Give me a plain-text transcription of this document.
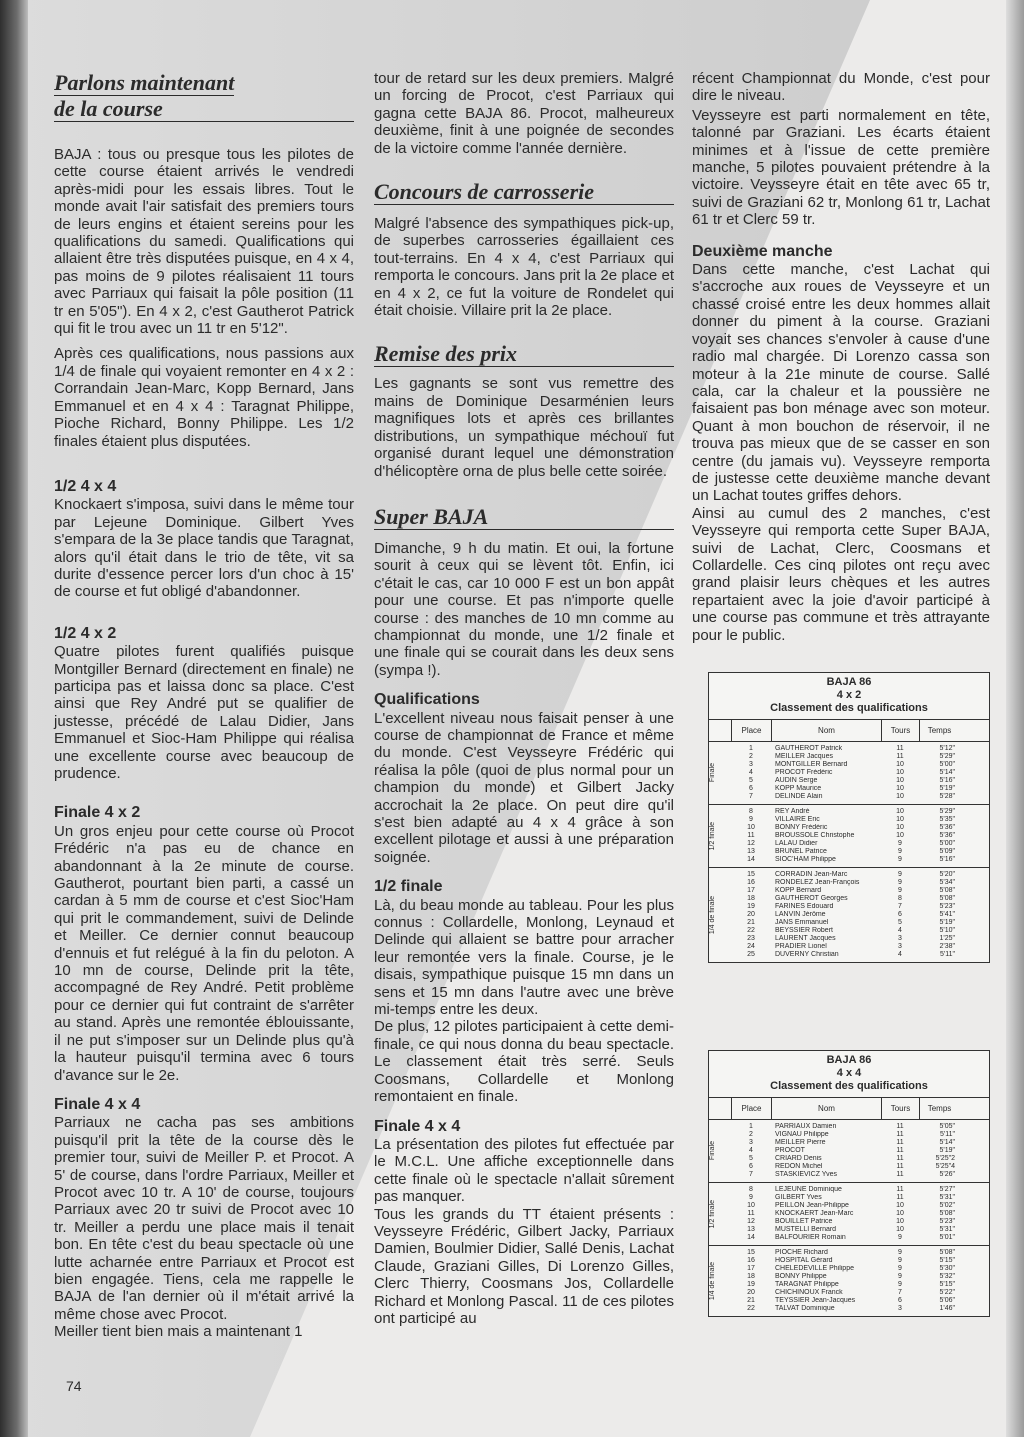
Parlons maintenant
de la course

BAJA : tous ou presque tous les pilotes de cette course étaient arrivés le vendredi après-midi pour les essais libres. Tout le monde avait l'air satisfait des premiers tours de leurs engins et étaient sereins pour les qualifications du samedi. Qualifications qui allaient être très disputées puisque, en 4 x 4, pas moins de 9 pilotes réalisaient 11 tours avec Parriaux qui faisait la pôle position (11 tr en 5'05"). En 4 x 2, c'est Gautherot Patrick qui fit le trou avec un 11 tr en 5'12".

Après ces qualifications, nous passions aux 1/4 de finale qui voyaient remonter en 4 x 2 : Corrandain Jean-Marc, Kopp Bernard, Jans Emmanuel et en 4 x 4 : Taragnat Philippe, Pioche Richard, Bonny Philippe. Les 1/2 finales étaient plus disputées.

1/2 4 x 4

Knockaert s'imposa, suivi dans le même tour par Lejeune Dominique. Gilbert Yves s'empara de la 3e place tandis que Taragnat, alors qu'il était dans le trio de tête, vit sa durite d'essence percer lors d'un choc à 15' de course et fut obligé d'abandonner.

1/2 4 x 2

Quatre pilotes furent qualifiés puisque Montgiller Bernard (directement en finale) ne participa pas et laissa donc sa place. C'est ainsi que Rey André put se qualifier de justesse, précédé de Lalau Didier, Jans Emmanuel et Sioc-Ham Philippe qui réalisa une excellente course avec beaucoup de prudence.

Finale 4 x 2

Un gros enjeu pour cette course où Procot Frédéric n'a pas eu de chance en abandonnant à la 2e minute de course. Gautherot, pourtant bien parti, a cassé un cardan à 5 mm de course et c'est Sioc'Ham qui prit le commandement, suivi de Delinde et Meiller. Ce dernier connut beaucoup d'ennuis et fut relégué à la fin du peloton. A 10 mn de course, Delinde prit la tête, accompagné de Rey André. Petit problème pour ce dernier qui fut contraint de s'arrêter au stand. Après une remontée éblouissante, il ne put s'imposer sur un Delinde plus qu'à la hauteur puisqu'il termina avec 6 tours d'avance sur le 2e.

Finale 4 x 4

Parriaux ne cacha pas ses ambitions puisqu'il prit la tête de la course dès le premier tour, suivi de Meiller P. et Procot. A 5' de course, dans l'ordre Parriaux, Meiller et Procot avec 10 tr. A 10' de course, toujours Parriaux avec 20 tr suivi de Procot avec 10 tr. Meiller a perdu une place mais il tenait bon. En tête c'est du beau spectacle où une lutte acharnée entre Parriaux et Procot est bien engagée. Tiens, cela me rappelle le BAJA de l'an dernier où il m'était arrivé la même chose avec Procot.

Meiller tient bien mais a maintenant 1

tour de retard sur les deux premiers. Malgré un forcing de Procot, c'est Parriaux qui gagna cette BAJA 86. Procot, malheureux deuxième, finit à une poignée de secondes de la victoire comme l'année dernière.

Concours de carrosserie

Malgré l'absence des sympathiques pick-up, de superbes carrosseries égaillaient ces tout-terrains. En 4 x 4, c'est Parriaux qui remporta le concours. Jans prit la 2e place et en 4 x 2, ce fut la voiture de Rondelet qui était choisie. Villaire prit la 2e place.

Remise des prix

Les gagnants se sont vus remettre des mains de Dominique Desarménien leurs magnifiques lots et après ces brillantes distributions, un sympathique méchouï fut organisé durant lequel une démonstration d'hélicoptère orna de plus belle cette soirée.

Super BAJA

Dimanche, 9 h du matin. Et oui, la fortune sourit à ceux qui se lèvent tôt. Enfin, ici c'était le cas, car 10 000 F est un bon appât pour une course. Et pas n'importe quelle course : des manches de 10 mn comme au championnat du monde, une 1/2 finale et une finale qui se courait dans les deux sens (sympa !).

Qualifications

L'excellent niveau nous faisait penser à une course de championnat de France et même du monde. C'est Veysseyre Frédéric qui réalisa la pôle (quoi de plus normal pour un champion du monde) et Gilbert Jacky accrochait la 2e place. On peut dire qu'il s'est bien adapté au 4 x 4 grâce à son excellent pilotage et aussi à une préparation soignée.

1/2 finale

Là, du beau monde au tableau. Pour les plus connus : Collardelle, Monlong, Leynaud et Delinde qui allaient se battre pour arracher leur remontée vers la finale. Course, je le disais, sympathique puisque 15 mn dans un sens et 15 mn dans l'autre avec une brève mi-temps entre les deux.

De plus, 12 pilotes participaient à cette demi-finale, ce qui nous donna du beau spectacle. Le classement était très serré. Seuls Coosmans, Collardelle et Monlong remontaient en finale.

Finale 4 x 4

La présentation des pilotes fut effectuée par le M.C.L. Une affiche exceptionnelle dans cette finale où le spectacle n'allait sûrement pas manquer.

Tous les grands du TT étaient présents : Veysseyre Frédéric, Gilbert Jacky, Parriaux Damien, Boulmier Didier, Sallé Denis, Lachat Claude, Graziani Gilles, Di Lorenzo Gilles, Clerc Thierry, Coosmans Jos, Collardelle Richard et Monlong Pascal. 11 de ces pilotes ont participé au

récent Championnat du Monde, c'est pour dire le niveau.

Veysseyre est parti normalement en tête, talonné par Graziani. Les écarts étaient minimes et à l'issue de cette première manche, 5 pilotes pouvaient prétendre à la victoire. Veysseyre était en tête avec 65 tr, suivi de Graziani 62 tr, Monlong 61 tr, Lachat 61 tr et Clerc 59 tr.

Deuxième manche

Dans cette manche, c'est Lachat qui s'accroche aux roues de Veysseyre et un chassé croisé entre les deux hommes allait donner du piment à la course. Graziani voyait ses chances s'envoler à cause d'une radio mal chargée. Di Lorenzo cassa son moteur à la 21e minute de course. Sallé cala, car la chaleur et la poussière ne faisaient pas bon ménage avec son moteur. Quant à mon bouchon de réservoir, il ne trouva pas mieux que de se casser en son centre (du jamais vu). Veysseyre remporta de justesse cette deuxième manche devant un Lachat toutes griffes dehors.

Ainsi au cumul des 2 manches, c'est Veysseyre qui remporta cette Super BAJA, suivi de Lachat, Clerc, Coosmans et Collardelle. Ces cinq pilotes ont reçu avec grand plaisir leurs chèques et les autres repartaient avec la joie d'avoir participé à une course pas commune et très attrayante pour le public.

BAJA 86
4 x 2
Classement des qualifications
Place	Nom	Tours	Temps
Finale
1	GAUTHEROT Patrick	11	5'12"
2	MEILLER Jacques	11	5'29"
3	MONTGILLER Bernard	10	5'00"
4	PROCOT Frédéric	10	5'14"
5	AUDIN Serge	10	5'16"
6	KOPP Maurice	10	5'19"
7	DELINDE Alain	10	5'28"
1/2 finale
8	REY André	10	5'29"
9	VILLAIRE Éric	10	5'35"
10	BONNY Frédéric	10	5'36"
11	BROUSSOLE Christophe	10	5'36"
12	LALAU Didier	9	5'00"
13	BRUNEL Patrice	9	5'09"
14	SIOC'HAM Philippe	9	5'16"
1/4 de finale
15	CORRADIN Jean-Marc	9	5'20"
16	RONDELEZ Jean-François	9	5'34"
17	KOPP Bernard	9	5'08"
18	GAUTHEROT Georges	8	5'08"
19	FARINES Édouard	7	5'23"
20	LANVIN Jérôme	6	5'41"
21	JANS Emmanuel	5	5'19"
22	BEYSSIER Robert	4	5'10"
23	LAURENT Jacques	3	1'25"
24	PRADIER Lionel	3	2'38"
25	DUVERNY Christian	4	5'11"
BAJA 86
4 x 4
Classement des qualifications
Place	Nom	Tours	Temps
Finale
1	PARRIAUX Damien	11	5'05"
2	VIGNAU Philippe	11	5'11"
3	MEILLER Pierre	11	5'14"
4	PROCOT	11	5'19"
5	CRIARD Denis	11	5'25"2
6	REDON Michel	11	5'25"4
7	STASKIEVICZ Yves	11	5'26"
1/2 finale
8	LEJEUNE Dominique	11	5'27"
9	GILBERT Yves	11	5'31"
10	PEILLON Jean-Philippe	10	5'02"
11	KNOCKAERT Jean-Marc	10	5'08"
12	BOUILLET Patrice	10	5'23"
13	MUSTELLI Bernard	10	5'31"
14	BALFOURIER Romain	9	5'01"
1/4 de finale
15	PIOCHE Richard	9	5'08"
16	HOSPITAL Gérard	9	5'15"
17	CHELEDEVILLE Philippe	9	5'30"
18	BONNY Philippe	9	5'32"
19	TARAGNAT Philippe	9	5'15"
20	CHICHINOUX Franck	7	5'22"
21	TEYSSIER Jean-Jacques	6	5'06"
22	TALVAT Dominique	3	1'46"
74
